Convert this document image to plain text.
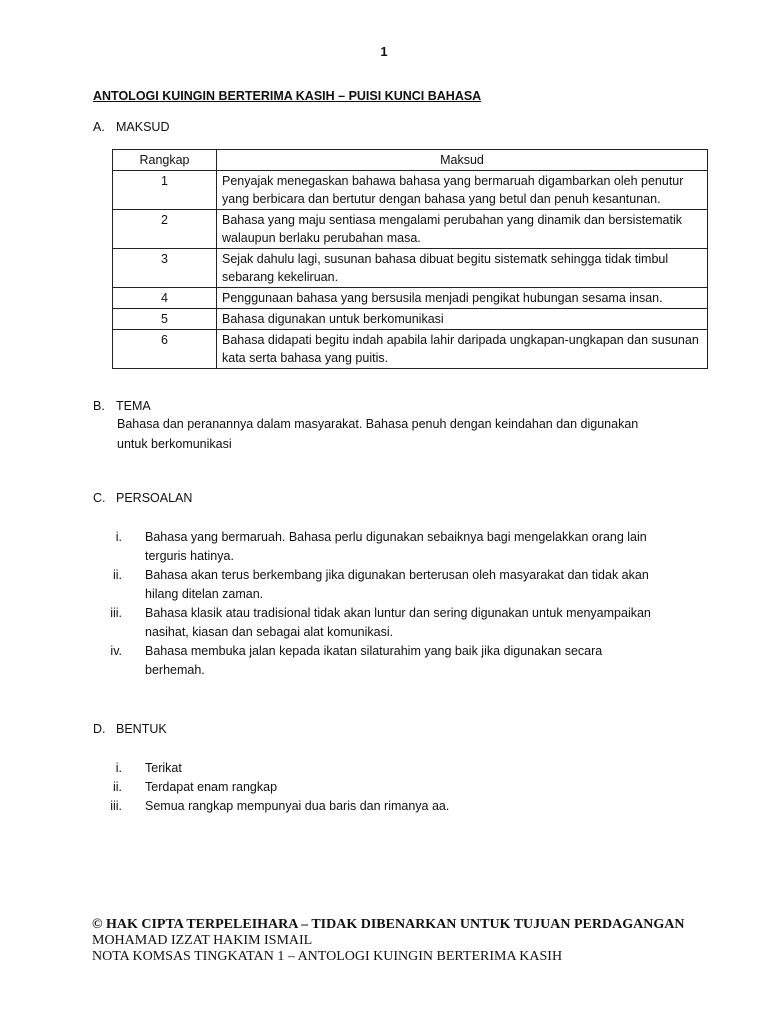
1
ANTOLOGI KUINGIN BERTERIMA KASIH – PUISI KUNCI BAHASA
A. MAKSUD
Rangkap	Maksud
1	Penyajak menegaskan bahawa bahasa yang bermaruah digambarkan oleh penutur yang berbicara dan bertutur dengan bahasa yang betul dan penuh kesantunan.
2	Bahasa yang maju sentiasa mengalami perubahan yang dinamik dan bersistematik walaupun berlaku perubahan masa.
3	Sejak dahulu lagi, susunan bahasa dibuat begitu sistematk sehingga tidak timbul sebarang kekeliruan.
4	Penggunaan bahasa yang bersusila menjadi pengikat hubungan sesama insan.
5	Bahasa digunakan untuk berkomunikasi
6	Bahasa didapati begitu indah apabila lahir daripada ungkapan-ungkapan dan susunan kata serta bahasa yang puitis.
B. TEMA
Bahasa dan peranannya dalam masyarakat. Bahasa penuh dengan keindahan dan digunakan untuk berkomunikasi
C. PERSOALAN
i. Bahasa yang bermaruah. Bahasa perlu digunakan sebaiknya bagi mengelakkan orang lain terguris hatinya.
ii. Bahasa akan terus berkembang jika digunakan berterusan oleh masyarakat dan tidak akan hilang ditelan zaman.
iii. Bahasa klasik atau tradisional tidak akan luntur dan sering digunakan untuk menyampaikan nasihat, kiasan dan sebagai alat komunikasi.
iv. Bahasa membuka jalan kepada ikatan silaturahim yang baik jika digunakan secara berhemah.
D. BENTUK
i. Terikat
ii. Terdapat enam rangkap
iii. Semua rangkap mempunyai dua baris dan rimanya aa.
© HAK CIPTA TERPELEIHARA – TIDAK DIBENARKAN UNTUK TUJUAN PERDAGANGAN
MOHAMAD IZZAT HAKIM ISMAIL
NOTA KOMSAS TINGKATAN 1 – ANTOLOGI KUINGIN BERTERIMA KASIH
